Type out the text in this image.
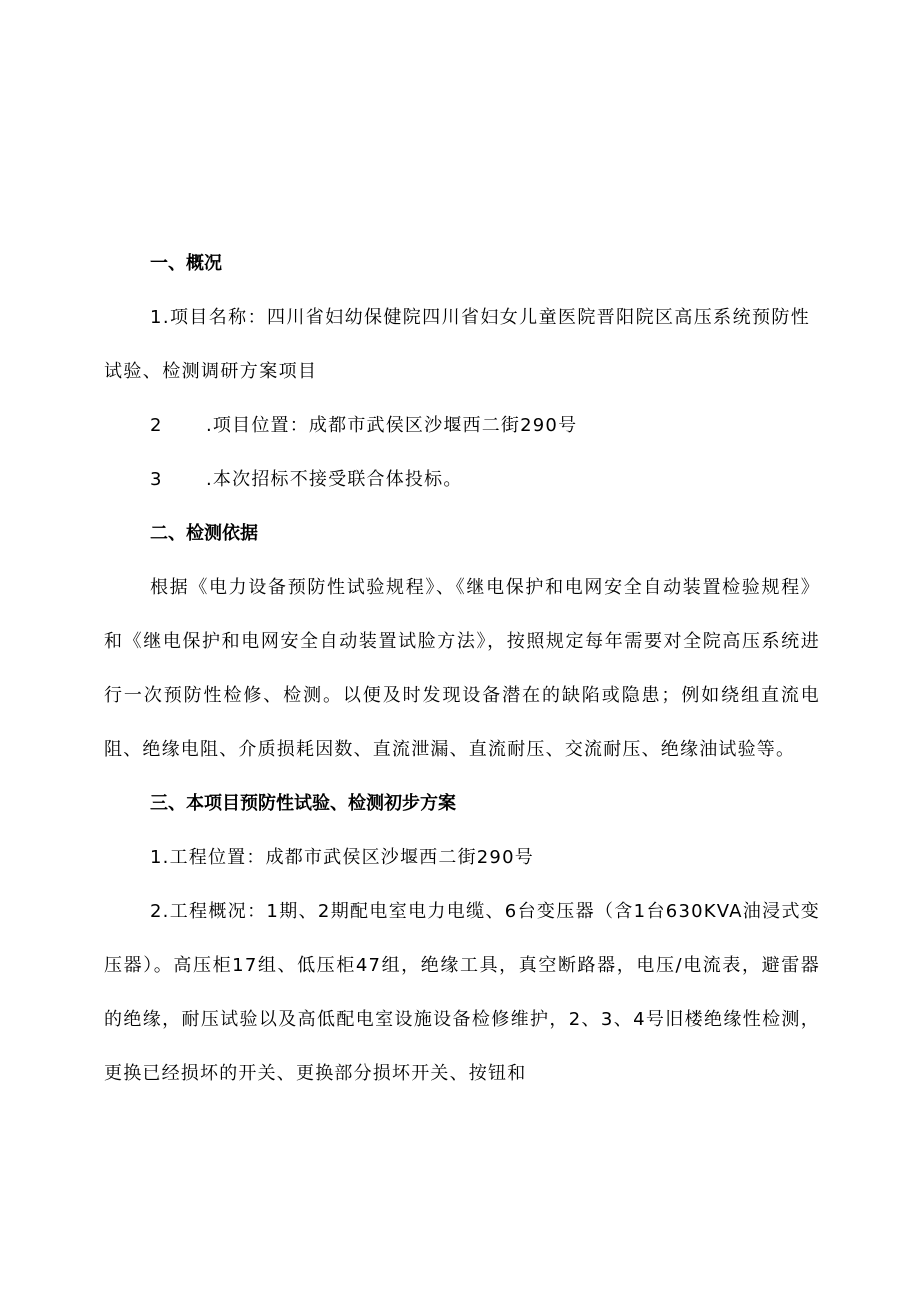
一、概况

1.项目名称：四川省妇幼保健院四川省妇女儿童医院晋阳院区高压系统预防性试验、检测调研方案项目

2 .项目位置：成都市武侯区沙堰西二街290号
3 .本次招标不接受联合体投标。
二、检测依据

根据《电力设备预防性试验规程》、《继电保护和电网安全自动装置检验规程》和《继电保护和电网安全自动装置试脸方法》，按照规定每年需要对全院高压系统进行一次预防性检修、检测。以便及时发现设备潜在的缺陷或隐患；例如绕组直流电阻、绝缘电阻、介质损耗因数、直流泄漏、直流耐压、交流耐压、绝缘油试验等。

三、本项目预防性试验、检测初步方案
1.工程位置：成都市武侯区沙堰西二街290号

2.工程概况：1期、2期配电室电力电缆、6台变压器（含1台630KVA油浸式变压器）。高压柜17组、低压柜47组，绝缘工具，真空断路器，电压/电流表，避雷器的绝缘，耐压试验以及高低配电室设施设备检修维护，2、3、4号旧楼绝缘性检测，更换已经损坏的开关、更换部分损坏开关、按钮和
